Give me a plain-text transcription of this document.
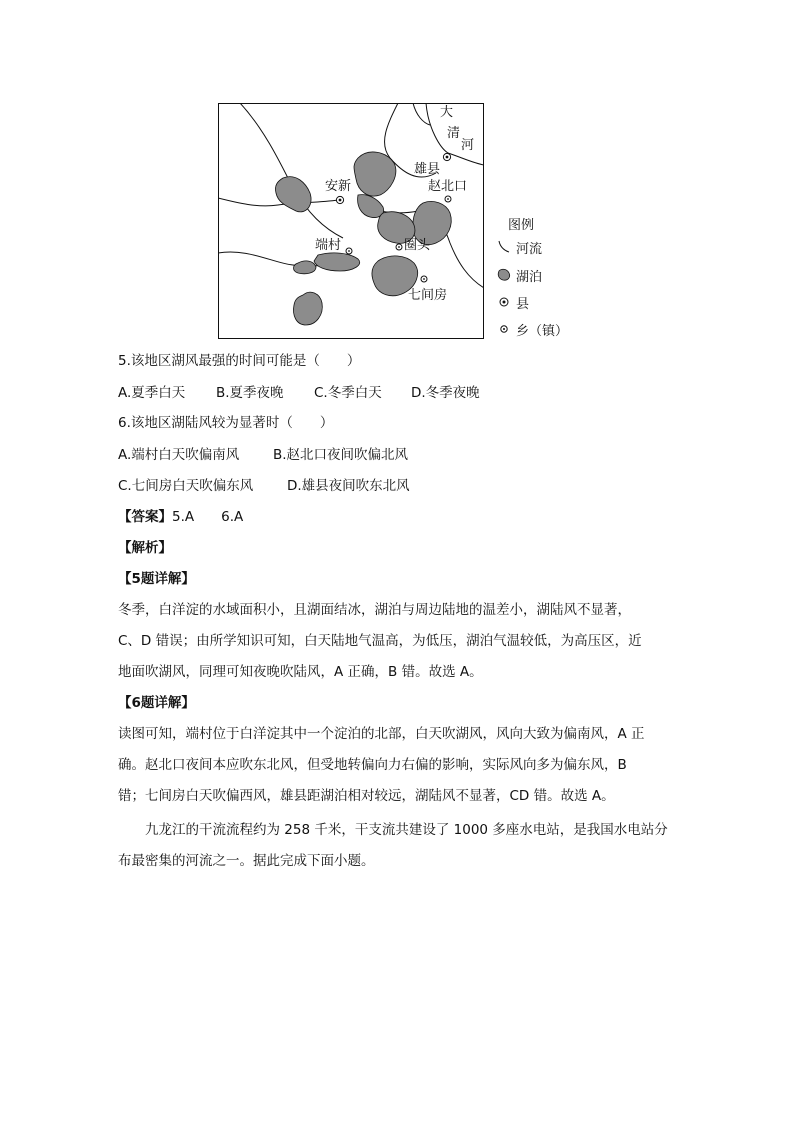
大
清
河
雄县
赵北口
安新
端村	圈头
七间房
图例
河流
湖泊
县
乡（镇）
5.该地区湖风最强的时间可能是（　　）
A.夏季白天 B.夏季夜晚 C.冬季白天 D.冬季夜晚
6.该地区湖陆风较为显著时（　　）
A.端村白天吹偏南风 B.赵北口夜间吹偏北风
C.七间房白天吹偏东风	D.雄县夜间吹东北风
【答案】5.A　　6.A
【解析】
【5题详解】
冬季，白洋淀的水域面积小，且湖面结冰，湖泊与周边陆地的温差小，湖陆风不显著，
C、D 错误；由所学知识可知，白天陆地气温高，为低压，湖泊气温较低，为高压区，近
地面吹湖风，同理可知夜晚吹陆风，A 正确，B 错。故选 A。
【6题详解】
读图可知，端村位于白洋淀其中一个淀泊的北部，白天吹湖风，风向大致为偏南风，A 正
确。赵北口夜间本应吹东北风，但受地转偏向力右偏的影响，实际风向多为偏东风，B
错；七间房白天吹偏西风，雄县距湖泊相对较远，湖陆风不显著，CD 错。故选 A。
　　九龙江的干流流程约为 258 千米，干支流共建设了 1000 多座水电站，是我国水电站分
布最密集的河流之一。据此完成下面小题。
